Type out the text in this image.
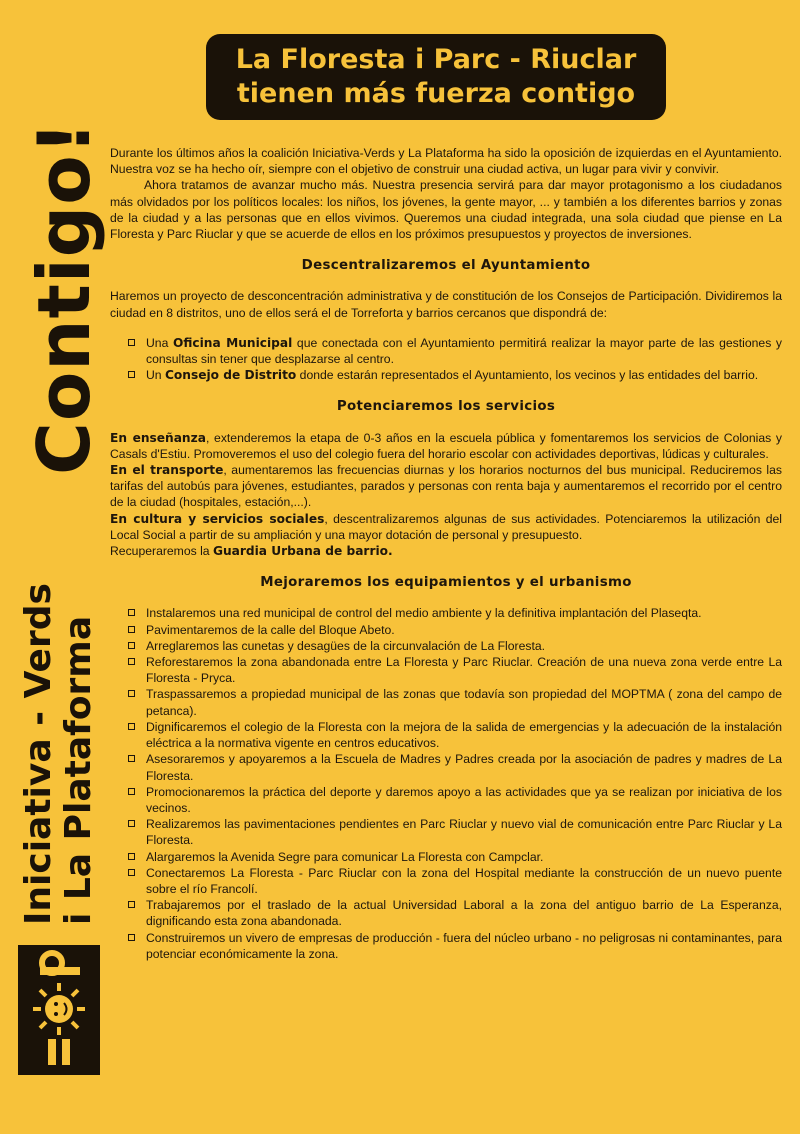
Iniciativa - Verds i La Plataforma
Contigo!
La Floresta i Parc - Riuclar
tienen más fuerza contigo

Durante los últimos años la coalición Iniciativa-Verds y La Plataforma ha sido la oposición de izquierdas en el Ayuntamiento. Nuestra voz se ha hecho oír, siempre con el objetivo de construir una ciudad activa, un lugar para vivir y convivir.

Ahora tratamos de avanzar mucho más. Nuestra presencia servirá para dar mayor protagonismo a los ciudadanos más olvidados por los políticos locales: los niños, los jóvenes, la gente mayor, ... y también a los diferentes barrios y zonas de la ciudad y a las personas que en ellos vivimos. Queremos una ciudad integrada, una sola ciudad que piense en La Floresta y Parc Riuclar y que se acuerde de ellos en los próximos presupuestos y proyectos de inversiones.

Descentralizaremos el Ayuntamiento

Haremos un proyecto de desconcentración administrativa y de constitución de los Consejos de Participación. Dividiremos la ciudad en 8 distritos, uno de ellos será el de Torreforta y barrios cercanos que dispondrá de:

Una Oficina Municipal que conectada con el Ayuntamiento permitirá realizar la mayor parte de las gestiones y consultas sin tener que desplazarse al centro.
Un Consejo de Distrito donde estarán representados el Ayuntamiento, los vecinos y las entidades del barrio.
Potenciaremos los servicios

En enseñanza, extenderemos la etapa de 0-3 años en la escuela pública y fomentaremos los servicios de Colonias y Casals d'Estiu. Promoveremos el uso del colegio fuera del horario escolar con actividades deportivas, lúdicas y culturales.

En el transporte, aumentaremos las frecuencias diurnas y los horarios nocturnos del bus municipal. Reduciremos las tarifas del autobús para jóvenes, estudiantes, parados y personas con renta baja y aumentaremos el recorrido por el centro de la ciudad (hospitales, estación,...).

En cultura y servicios sociales, descentralizaremos algunas de sus actividades. Potenciaremos la utilización del Local Social a partir de su ampliación y una mayor dotación de personal y presupuesto.

Recuperaremos la Guardia Urbana de barrio.

Mejoraremos los equipamientos y el urbanismo
Instalaremos una red municipal de control del medio ambiente y la definitiva implantación del Plaseqta.
Pavimentaremos de la calle del Bloque Abeto.
Arreglaremos las cunetas y desagües de la circunvalación de La Floresta.
Reforestaremos la zona abandonada entre La Floresta y Parc Riuclar. Creación de una nueva zona verde entre La Floresta - Pryca.
Traspassaremos a propiedad municipal de las zonas que todavía son propiedad del MOPTMA ( zona del campo de petanca).
Dignificaremos el colegio de la Floresta con la mejora de la salida de emergencias y la adecuación de la instalación eléctrica a la normativa vigente en centros educativos.
Asesoraremos y apoyaremos a la Escuela de Madres y Padres creada por la asociación de padres y madres de La Floresta.
Promocionaremos la práctica del deporte y daremos apoyo a las actividades que ya se realizan por iniciativa de los vecinos.
Realizaremos las pavimentaciones pendientes en Parc Riuclar y nuevo vial de comunicación entre Parc Riuclar y La Floresta.
Alargaremos la Avenida Segre para comunicar La Floresta con Campclar.
Conectaremos La Floresta - Parc Riuclar con la zona del Hospital mediante la construcción de un nuevo puente sobre el río Francolí.
Trabajaremos por el traslado de la actual Universidad Laboral a la zona del antiguo barrio de La Esperanza, dignificando esta zona abandonada.
Construiremos un vivero de empresas de producción - fuera del núcleo urbano - no peligrosas ni contaminantes, para potenciar económicamente la zona.
